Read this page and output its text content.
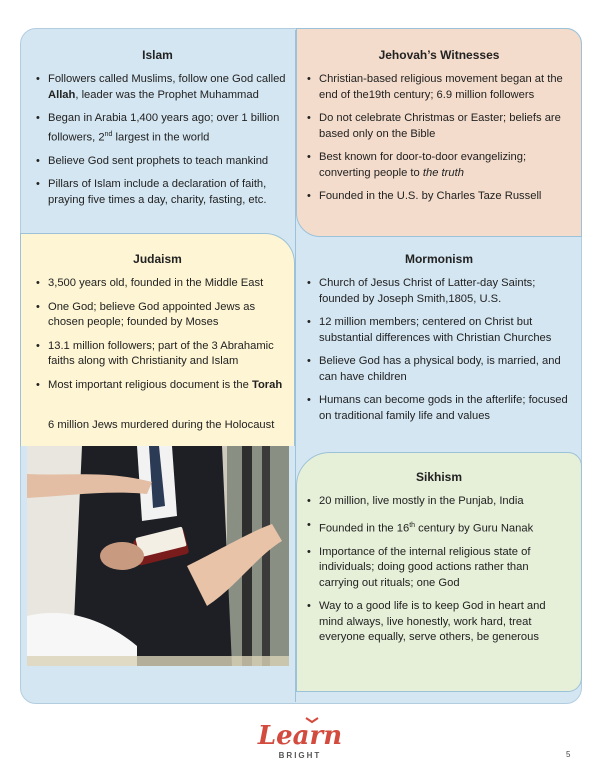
Islam
• Followers called Muslims, follow one God called Allah, leader was the Prophet Muhammad
• Began in Arabia 1,400 years ago; over 1 billion followers, 2nd largest in the world
• Believe God sent prophets to teach mankind
• Pillars of Islam include a declaration of faith, praying five times a day, charity, fasting, etc.
Jehovah’s Witnesses
• Christian-based religious movement began at the end of the19th century; 6.9 million followers
• Do not celebrate Christmas or Easter; beliefs are based only on the Bible
• Best known for door-to-door evangelizing; converting people to the truth
• Founded in the U.S. by Charles Taze Russell
Judaism
• 3,500 years old, founded in the Middle East
• One God; believe God appointed Jews as chosen people; founded by Moses
• 13.1 million followers; part of the 3 Abrahamic faiths along with Christianity and Islam
• Most important religious document is the Torah
6 million Jews murdered during the Holocaust
Mormonism
• Church of Jesus Christ of Latter-day Saints; founded by Joseph Smith,1805, U.S.
• 12 million members; centered on Christ but substantial differences with Christian Churches
• Believe God has a physical body, is married, and can have children
• Humans can become gods in the afterlife; focused on traditional family life and values
Sikhism
• 20 million, live mostly in the Punjab, India
• Founded in the 16th century by Guru Nanak
• Importance of the internal religious state of individuals; doing good actions rather than carrying out rituals; one God
• Way to a good life is to keep God in heart and mind always, live honestly, work hard, treat everyone equally, serve others, be generous
Learn
BRIGHT	5
